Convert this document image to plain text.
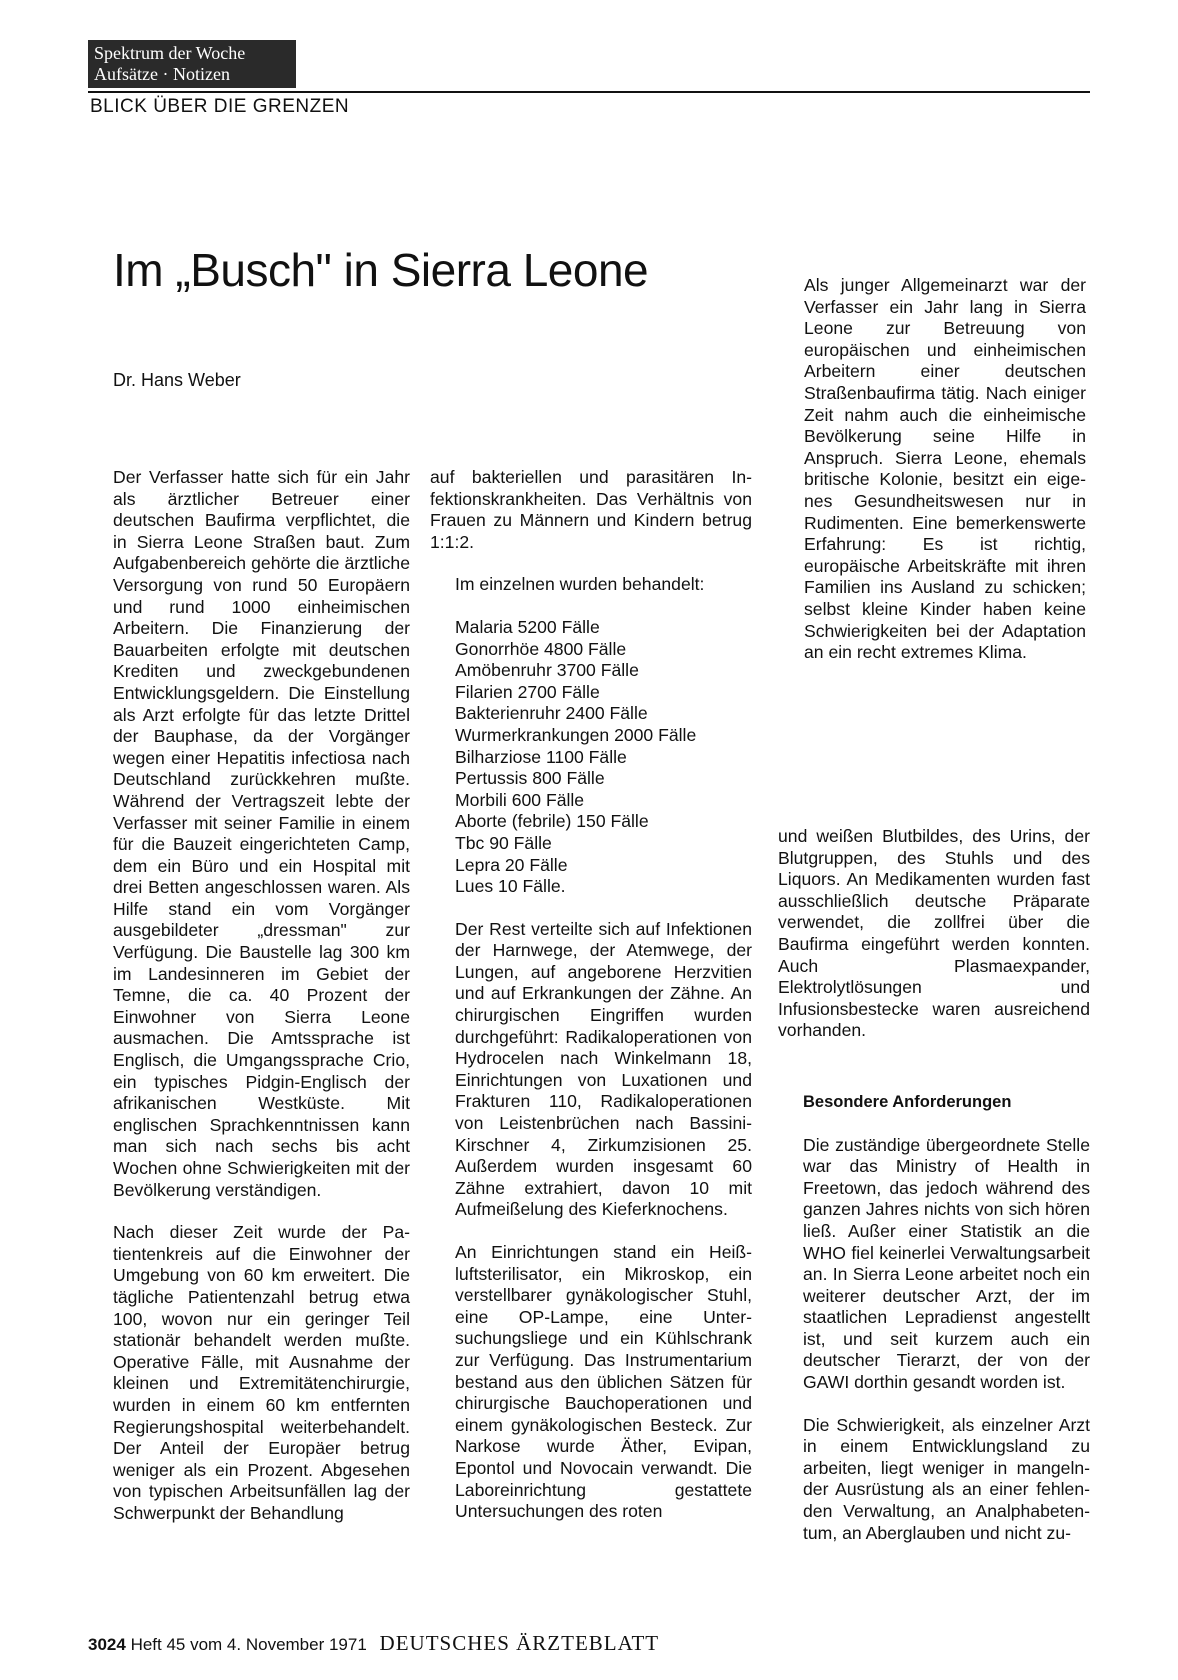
Spektrum der Woche
Aufsätze · Notizen
BLICK ÜBER DIE GRENZEN
Im „Busch" in Sierra Leone
Dr. Hans Weber

Der Verfasser hatte sich für ein Jahr als ärztlicher Betreuer einer deutschen Baufirma verpflichtet, die in Sierra Leone Straßen baut. Zum Aufgabenbereich gehörte die ärztliche Versorgung von rund 50 Europäern und rund 1000 einheimischen Arbeitern. Die Finanzierung der Bauarbeiten erfolgte mit deutschen Krediten und zweckgebundenen Entwicklungsgeldern. Die Einstellung als Arzt erfolgte für das letzte Drittel der Bauphase, da der Vorgänger wegen einer Hepatitis infectiosa nach Deutschland zurückkehren mußte. Während der Vertragszeit lebte der Verfasser mit seiner Familie in einem für die Bauzeit eingerichteten Camp, dem ein Büro und ein Hospital mit drei Betten angeschlossen waren. Als Hilfe stand ein vom Vorgänger ausgebildeter „dressman" zur Verfügung. Die Baustelle lag 300 km im Landesinneren im Gebiet der Temne, die ca. 40 Prozent der Einwohner von Sierra Leone ausmachen. Die Amtssprache ist Englisch, die Umgangssprache Crio, ein typisches Pidgin-Englisch der afrikanischen Westküste. Mit englischen Sprachkenntnissen kann man sich nach sechs bis acht Wochen ohne Schwierigkeiten mit der Bevölkerung verständigen.

Nach dieser Zeit wurde der Patientenkreis auf die Einwohner der Umgebung von 60 km erweitert. Die tägliche Patientenzahl betrug etwa 100, wovon nur ein geringer Teil stationär behandelt werden mußte. Operative Fälle, mit Ausnahme der kleinen und Extremitätenchirurgie, wurden in einem 60 km entfernten Regierungshospital weiterbehandelt. Der Anteil der Europäer betrug weniger als ein Prozent. Abgesehen von typischen Arbeitsunfällen lag der Schwerpunkt der Behandlung

auf bakteriellen und parasitären Infektionskrankheiten. Das Verhältnis von Frauen zu Männern und Kindern betrug 1:1:2.

Im einzelnen wurden behandelt:

Malaria 5200 Fälle
Gonorrhöe 4800 Fälle
Amöbenruhr 3700 Fälle
Filarien 2700 Fälle
Bakterienruhr 2400 Fälle
Wurmerkrankungen 2000 Fälle
Bilharziose 1100 Fälle
Pertussis 800 Fälle
Morbili 600 Fälle
Aborte (febrile) 150 Fälle
Tbc 90 Fälle
Lepra 20 Fälle
Lues 10 Fälle.

Der Rest verteilte sich auf Infektionen der Harnwege, der Atemwege, der Lungen, auf angeborene Herzvitien und auf Erkrankungen der Zähne. An chirurgischen Eingriffen wurden durchgeführt: Radikaloperationen von Hydrocelen nach Winkelmann 18, Einrichtungen von Luxationen und Frakturen 110, Radikaloperationen von Leistenbrüchen nach Bassini-Kirschner 4, Zirkumzisionen 25. Außerdem wurden insgesamt 60 Zähne extrahiert, davon 10 mit Aufmeißelung des Kieferknochens.

An Einrichtungen stand ein Heißluftsterilisator, ein Mikroskop, ein verstellbarer gynäkologischer Stuhl, eine OP-Lampe, eine Untersuchungsliege und ein Kühlschrank zur Verfügung. Das Instrumentarium bestand aus den üblichen Sätzen für chirurgische Bauchoperationen und einem gynäkologischen Besteck. Zur Narkose wurde Äther, Evipan, Epontol und Novocain verwandt. Die Laboreinrichtung gestattete Untersuchungen des roten

Als junger Allgemeinarzt war der Verfasser ein Jahr lang in Sierra Leone zur Betreuung von europäischen und einheimischen Arbeitern einer deutschen Straßenbaufirma tätig. Nach einiger Zeit nahm auch die einheimische Bevölkerung seine Hilfe in Anspruch. Sierra Leone, ehemals britische Kolonie, besitzt ein eigenes Gesundheitswesen nur in Rudimenten. Eine bemerkenswerte Erfahrung: Es ist richtig, europäische Arbeitskräfte mit ihren Familien ins Ausland zu schicken; selbst kleine Kinder haben keine Schwierigkeiten bei der Adaptation an ein recht extremes Klima.

und weißen Blutbildes, des Urins, der Blutgruppen, des Stuhls und des Liquors. An Medikamenten wurden fast ausschließlich deutsche Präparate verwendet, die zollfrei über die Baufirma eingeführt werden konnten. Auch Plasmaexpander, Elektrolytlösungen und Infusionsbestecke waren ausreichend vorhanden.

Besondere Anforderungen

Die zuständige übergeordnete Stelle war das Ministry of Health in Freetown, das jedoch während des ganzen Jahres nichts von sich hören ließ. Außer einer Statistik an die WHO fiel keinerlei Verwaltungsarbeit an. In Sierra Leone arbeitet noch ein weiterer deutscher Arzt, der im staatlichen Lepradienst angestellt ist, und seit kurzem auch ein deutscher Tierarzt, der von der GAWI dorthin gesandt worden ist.

Die Schwierigkeit, als einzelner Arzt in einem Entwicklungsland zu arbeiten, liegt weniger in mangelnder Ausrüstung als an einer fehlenden Verwaltung, an Analphabetentum, an Aberglauben und nicht zu-

3024 Heft 45 vom 4. November 1971 DEUTSCHES ÄRZTEBLATT
